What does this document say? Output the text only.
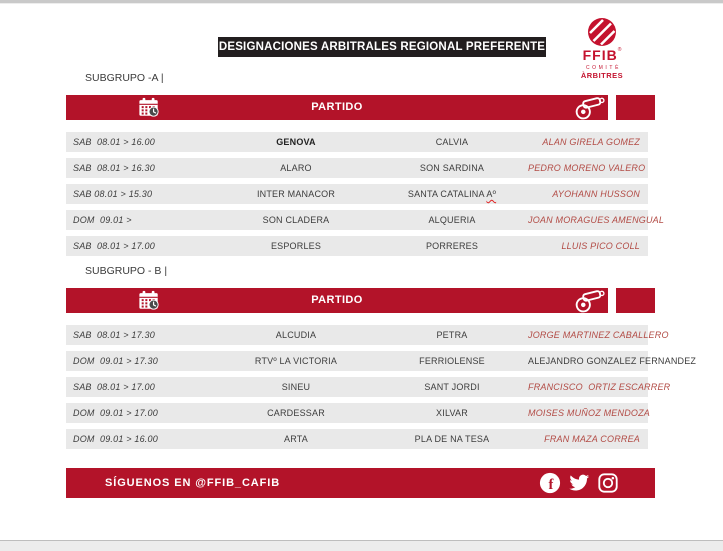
DESIGNACIONES ARBITRALES REGIONAL PREFERENTE	FFIB®
COMITÈ
ÀRBITRES
SUBGRUPO -A |
PARTIDO
SAB  08.01 > 16.00	GENOVA	CALVIA	ALAN GIRELA GOMEZ
SAB  08.01 > 16.30	ALARO	SON SARDINA	PEDRO MORENO VALERO
SAB 08.01 > 15.30	INTER MANACOR	SANTA CATALINA Aº	AYOHANN HUSSON
DOM  09.01 >	SON CLADERA	ALQUERIA	JOAN MORAGUES AMENGUAL
SAB  08.01 > 17.00	ESPORLES	PORRERES	LLUIS PICO COLL
SUBGRUPO - B |
PARTIDO
SAB  08.01 > 17.30	ALCUDIA	PETRA	JORGE MARTINEZ CABALLERO
DOM  09.01 > 17.30	RTVº LA VICTORIA	FERRIOLENSE	ALEJANDRO GONZALEZ FERNANDEZ
SAB  08.01 > 17.00	SINEU	SANT JORDI	FRANCISCO  ORTIZ ESCARRER
DOM  09.01 > 17.00	CARDESSAR	XILVAR	MOISES MUÑOZ MENDOZA
DOM  09.01 > 16.00	ARTA	PLA DE NA TESA	FRAN MAZA CORREA
SÍGUENOS EN @FFIB_CAFIB	f
